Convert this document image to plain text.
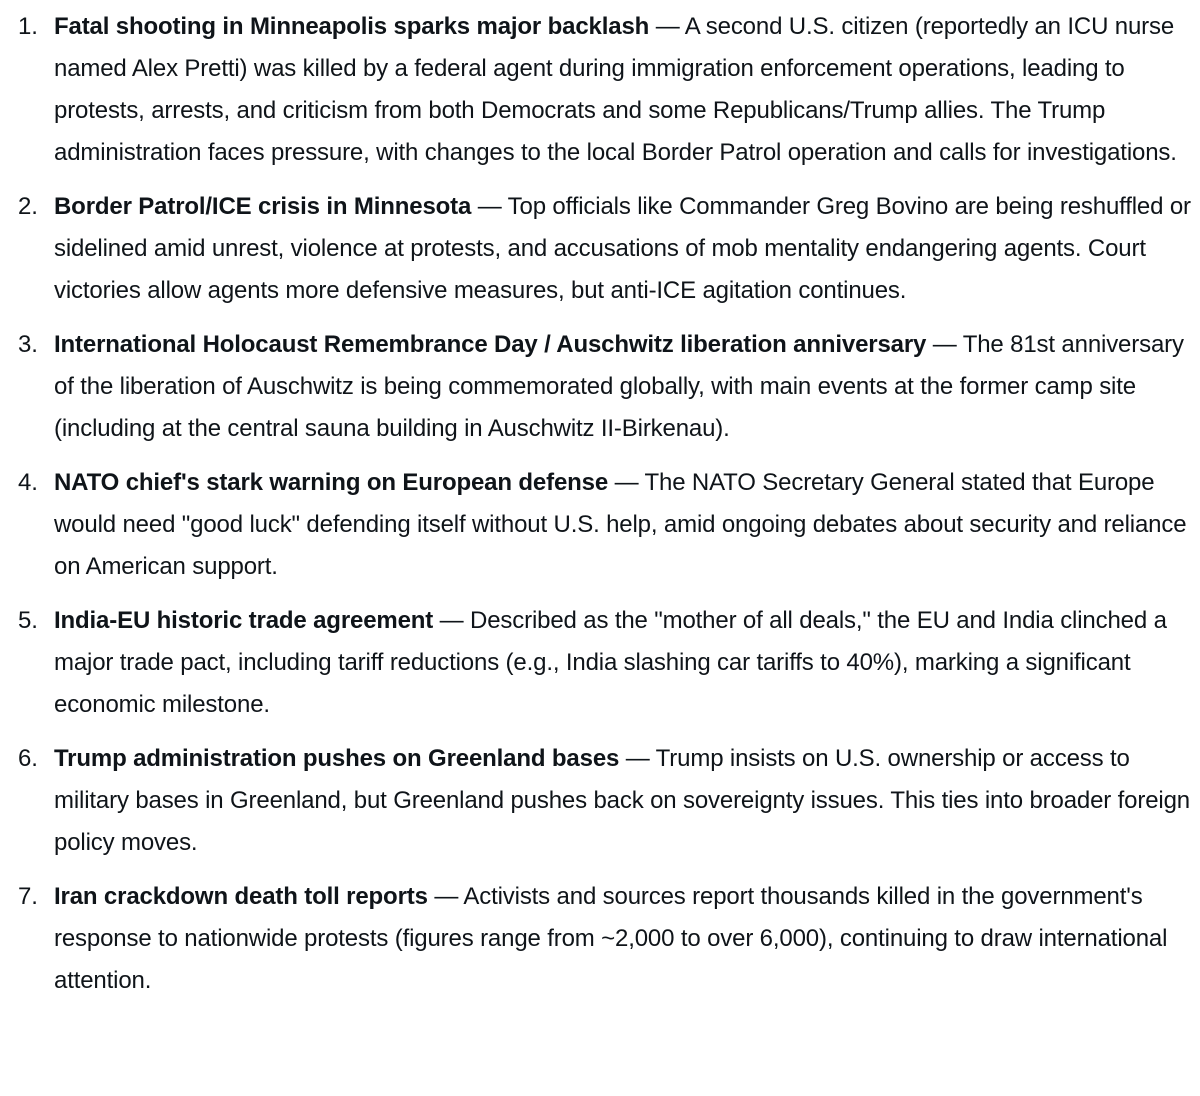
1. Fatal shooting in Minneapolis sparks major backlash — A second U.S. citizen (reportedly an ICU nurse named Alex Pretti) was killed by a federal agent during immigration enforcement operations, leading to protests, arrests, and criticism from both Democrats and some Republicans/Trump allies. The Trump administration faces pressure, with changes to the local Border Patrol operation and calls for investigations.
2. Border Patrol/ICE crisis in Minnesota — Top officials like Commander Greg Bovino are being reshuffled or sidelined amid unrest, violence at protests, and accusations of mob mentality endangering agents. Court victories allow agents more defensive measures, but anti-ICE agitation continues.
3. International Holocaust Remembrance Day / Auschwitz liberation anniversary — The 81st anniversary of the liberation of Auschwitz is being commemorated globally, with main events at the former camp site (including at the central sauna building in Auschwitz II-Birkenau).
4. NATO chief's stark warning on European defense — The NATO Secretary General stated that Europe would need "good luck" defending itself without U.S. help, amid ongoing debates about security and reliance on American support.
5. India-EU historic trade agreement — Described as the "mother of all deals," the EU and India clinched a major trade pact, including tariff reductions (e.g., India slashing car tariffs to 40%), marking a significant economic milestone.
6. Trump administration pushes on Greenland bases — Trump insists on U.S. ownership or access to military bases in Greenland, but Greenland pushes back on sovereignty issues. This ties into broader foreign policy moves.
7. Iran crackdown death toll reports — Activists and sources report thousands killed in the government's response to nationwide protests (figures range from ~2,000 to over 6,000), continuing to draw international attention.
